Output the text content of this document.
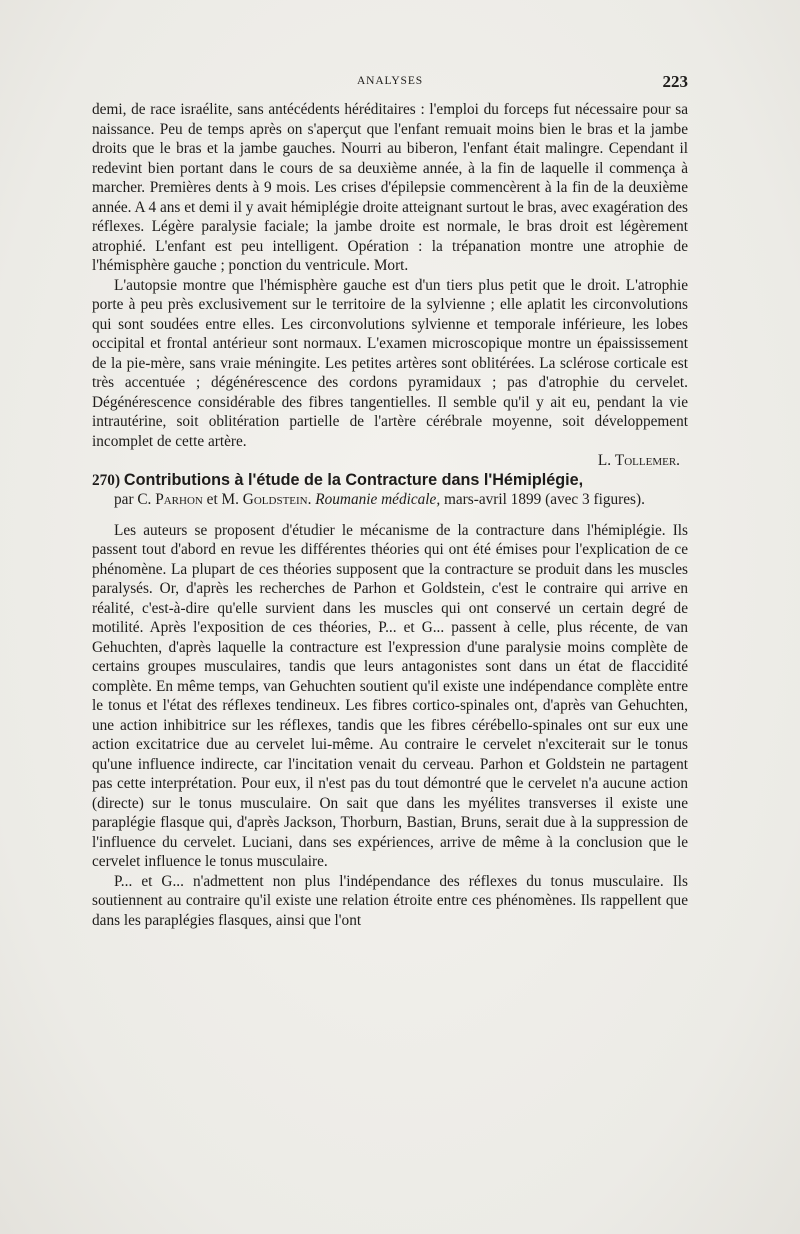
ANALYSES	223

demi, de race israélite, sans antécédents héréditaires : l'emploi du forceps fut nécessaire pour sa naissance. Peu de temps après on s'aperçut que l'enfant remuait moins bien le bras et la jambe droits que le bras et la jambe gauches. Nourri au biberon, l'enfant était malingre. Cependant il redevint bien portant dans le cours de sa deuxième année, à la fin de laquelle il commença à marcher. Premières dents à 9 mois. Les crises d'épilepsie commencèrent à la fin de la deuxième année. A 4 ans et demi il y avait hémiplégie droite atteignant surtout le bras, avec exagération des réflexes. Légère paralysie faciale; la jambe droite est normale, le bras droit est légèrement atrophié. L'enfant est peu intelligent. Opération : la trépanation montre une atrophie de l'hémisphère gauche ; ponction du ventricule. Mort.

L'autopsie montre que l'hémisphère gauche est d'un tiers plus petit que le droit. L'atrophie porte à peu près exclusivement sur le territoire de la sylvienne ; elle aplatit les circonvolutions qui sont soudées entre elles. Les circonvolutions sylvienne et temporale inférieure, les lobes occipital et frontal antérieur sont normaux. L'examen microscopique montre un épaississement de la pie-mère, sans vraie méningite. Les petites artères sont oblitérées. La sclérose corticale est très accentuée ; dégénérescence des cordons pyramidaux ; pas d'atrophie du cervelet. Dégénérescence considérable des fibres tangentielles. Il semble qu'il y ait eu, pendant la vie intrautérine, soit oblitération partielle de l'artère cérébrale moyenne, soit développement incomplet de cette artère.

L. Tollemer.

270) Contributions à l'étude de la Contracture dans l'Hémiplégie,
par C. Parhon et M. Goldstein. Roumanie médicale, mars-avril 1899 (avec 3 figures).

Les auteurs se proposent d'étudier le mécanisme de la contracture dans l'hémiplégie. Ils passent tout d'abord en revue les différentes théories qui ont été émises pour l'explication de ce phénomène. La plupart de ces théories supposent que la contracture se produit dans les muscles paralysés. Or, d'après les recherches de Parhon et Goldstein, c'est le contraire qui arrive en réalité, c'est-à-dire qu'elle survient dans les muscles qui ont conservé un certain degré de motilité. Après l'exposition de ces théories, P... et G... passent à celle, plus récente, de van Gehuchten, d'après laquelle la contracture est l'expression d'une paralysie moins complète de certains groupes musculaires, tandis que leurs antagonistes sont dans un état de flaccidité complète. En même temps, van Gehuchten soutient qu'il existe une indépendance complète entre le tonus et l'état des réflexes tendineux. Les fibres cortico-spinales ont, d'après van Gehuchten, une action inhibitrice sur les réflexes, tandis que les fibres cérébello-spinales ont sur eux une action excitatrice due au cervelet lui-même. Au contraire le cervelet n'exciterait sur le tonus qu'une influence indirecte, car l'incitation venait du cerveau. Parhon et Goldstein ne partagent pas cette interprétation. Pour eux, il n'est pas du tout démontré que le cervelet n'a aucune action (directe) sur le tonus musculaire. On sait que dans les myélites transverses il existe une paraplégie flasque qui, d'après Jackson, Thorburn, Bastian, Bruns, serait due à la suppression de l'influence du cervelet. Luciani, dans ses expériences, arrive de même à la conclusion que le cervelet influence le tonus musculaire.

P... et G... n'admettent non plus l'indépendance des réflexes du tonus musculaire. Ils soutiennent au contraire qu'il existe une relation étroite entre ces phénomènes. Ils rappellent que dans les paraplégies flasques, ainsi que l'ont
